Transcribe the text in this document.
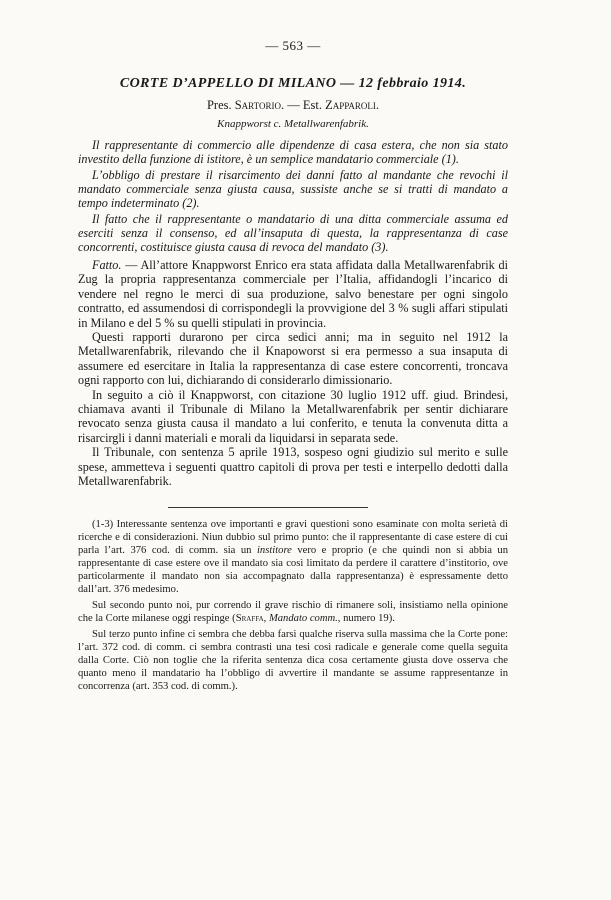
— 563 —
CORTE D’APPELLO DI MILANO — 12 febbraio 1914.
Pres. Sartorio. — Est. Zapparoli.
Knappworst c. Metallwarenfabrik.

Il rappresentante di commercio alle dipendenze di casa estera, che non sia stato investito della funzione di istitore, è un semplice mandatario commerciale (1).

L’obbligo di prestare il risarcimento dei danni fatto al mandante che revochi il mandato commerciale senza giusta causa, sussiste anche se si tratti di mandato a tempo indeterminato (2).

Il fatto che il rappresentante o mandatario di una ditta commerciale assuma ed eserciti senza il consenso, ed all’insaputa di questa, la rappresentanza di case concorrenti, costituisce giusta causa di revoca del mandato (3).

Fatto. — All’attore Knappworst Enrico era stata affidata dalla Metallwarenfabrik di Zug la propria rappresentanza commerciale per l’Italia, affidandogli l’incarico di vendere nel regno le merci di sua produzione, salvo benestare per ogni singolo contratto, ed assumendosi di corrispondegli la provvigione del 3 % sugli affari stipulati in Milano e del 5 % su quelli stipulati in provincia.

Questi rapporti durarono per circa sedici anni; ma in seguito nel 1912 la Metallwarenfabrik, rilevando che il Knapoworst si era permesso a sua insaputa di assumere ed esercitare in Italia la rappresentanza di case estere concorrenti, troncava ogni rapporto con lui, dichiarando di considerarlo dimissionario.

In seguito a ciò il Knappworst, con citazione 30 luglio 1912 uff. giud. Brindesi, chiamava avanti il Tribunale di Milano la Metallwarenfabrik per sentir dichiarare revocato senza giusta causa il mandato a lui conferito, e tenuta la convenuta ditta a risarcirgli i danni materiali e morali da liquidarsi in separata sede.

Il Tribunale, con sentenza 5 aprile 1913, sospeso ogni giudizio sul merito e sulle spese, ammetteva i seguenti quattro capitoli di prova per testi e interpello dedotti dalla Metallwarenfabrik.

(1-3) Interessante sentenza ove importanti e gravi questioni sono esaminate con molta serietà di ricerche e di considerazioni. Niun dubbio sul primo punto: che il rappresentante di case estere di cui parla l’art. 376 cod. di comm. sia un institore vero e proprio (e che quindi non si abbia un rappresentante di case estere ove il mandato sia così limitato da perdere il carattere d’institorio, ove particolarmente il mandato non sia accompagnato dalla rappresentanza) è espressamente detto dall’art. 376 medesimo.

Sul secondo punto noi, pur correndo il grave rischio di rimanere soli, insistiamo nella opinione che la Corte milanese oggi respinge (Sraffa, Mandato comm., numero 19).

Sul terzo punto infine ci sembra che debba farsi qualche riserva sulla massima che la Corte pone: l’art. 372 cod. di comm. ci sembra contrasti una tesi così radicale e generale come quella seguita dalla Corte. Ciò non toglie che la riferita sentenza dica cosa certamente giusta dove osserva che quanto meno il mandatario ha l’obbligo di avvertire il mandante se assume rappresentanze in concorrenza (art. 353 cod. di comm.).
